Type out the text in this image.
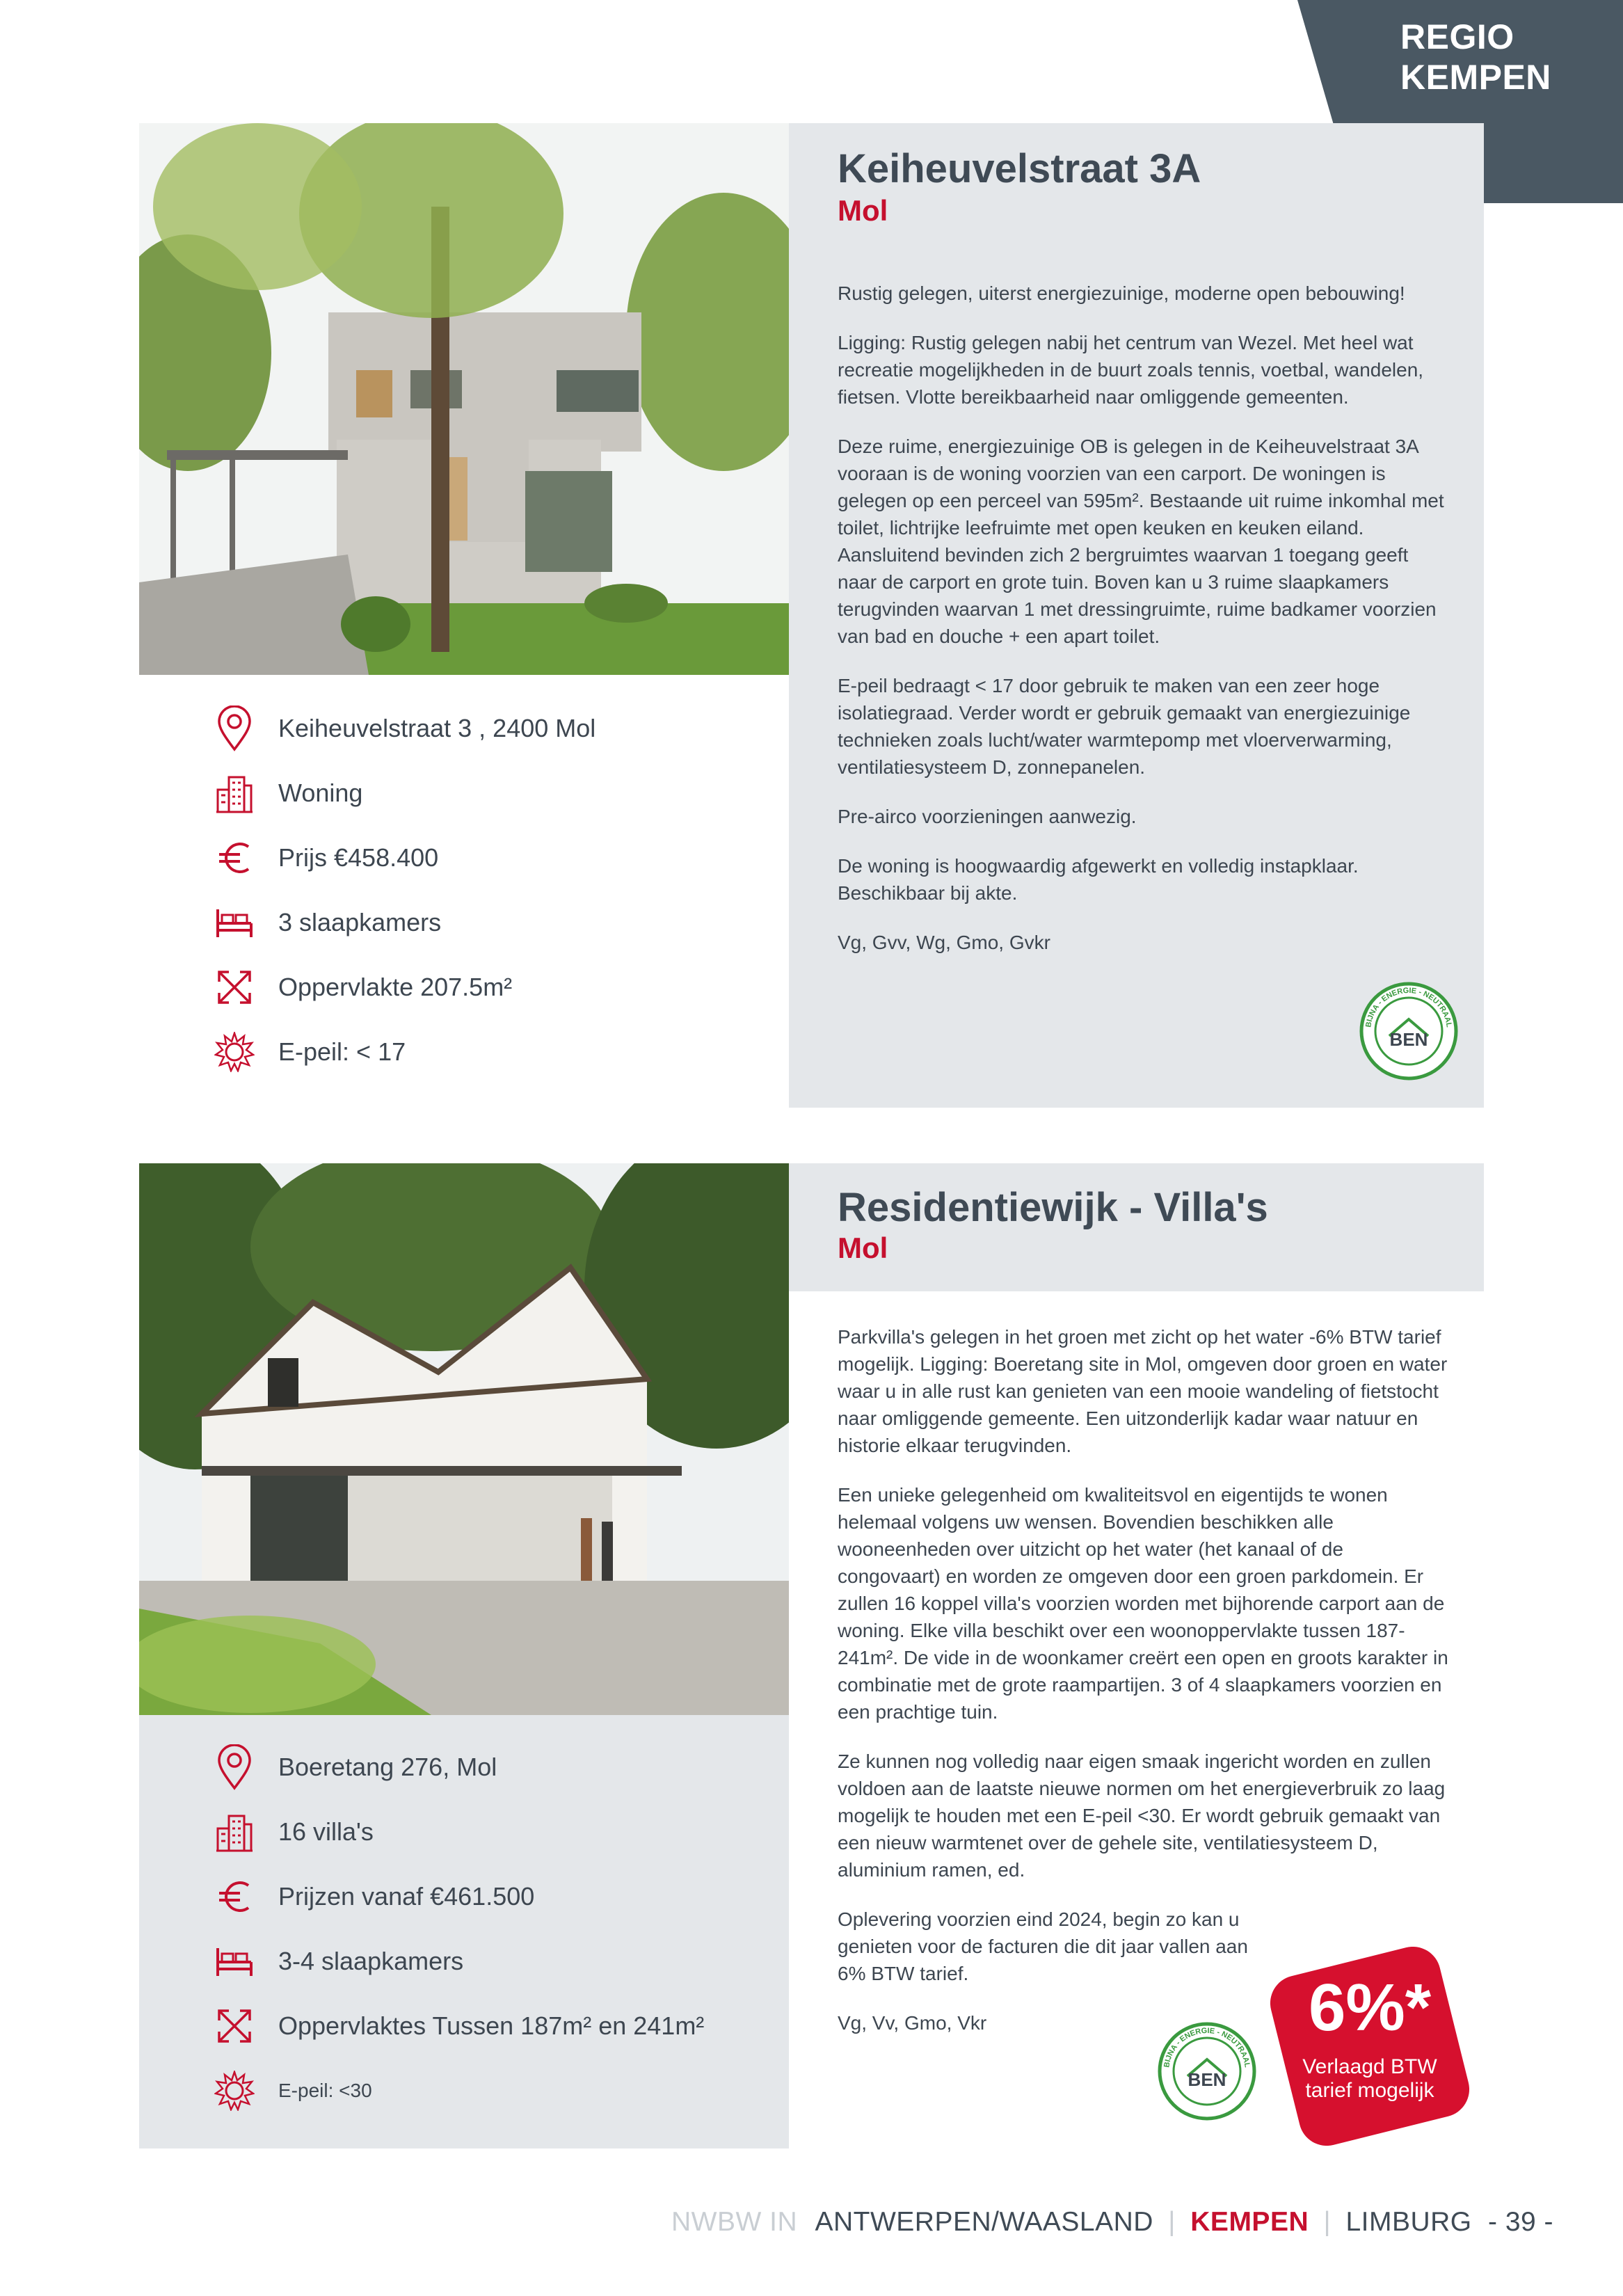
REGIO
KEMPEN
Keiheuvelstraat 3A
Mol

Rustig gelegen, uiterst energiezuinige, moderne open bebouwing!

Ligging: Rustig gelegen nabij het centrum van Wezel. Met heel wat recreatie mogelijkheden in de buurt zoals tennis, voetbal, wandelen, fietsen. Vlotte bereikbaarheid naar omliggende gemeenten.

Deze ruime, energiezuinige OB is gelegen in de Keiheuvelstraat 3A vooraan is de woning voorzien van een carport. De woningen is gelegen op een perceel van 595m². Bestaande uit ruime inkomhal met toilet, lichtrijke leefruimte met open keuken en keuken eiland. Aansluitend bevinden zich 2 bergruimtes waarvan 1 toegang geeft naar de carport en grote tuin. Boven kan u 3 ruime slaapkamers terugvinden waarvan 1 met dressingruimte, ruime badkamer voorzien van bad en douche + een apart toilet.

E-peil bedraagt < 17 door gebruik te maken van een zeer hoge isolatiegraad. Verder wordt er gebruik gemaakt van energiezuinige technieken zoals lucht/water warmtepomp met vloerverwarming, ventilatiesysteem D, zonnepanelen.

Pre-airco voorzieningen aanwezig.

De woning is hoogwaardig afgewerkt en volledig instapklaar. Beschikbaar bij akte.

Vg, Gvv, Wg, Gmo, Gvkr

BIJNA - ENERGIE - NEUTRAAL
BEN
Keiheuvelstraat 3 , 2400 Mol
Woning
Prijs €458.400
3 slaapkamers
Oppervlakte 207.5m²
E-peil: < 17
Residentiewijk - Villa's
Mol

Parkvilla's gelegen in het groen met zicht op het water -6% BTW tarief mogelijk. Ligging: Boeretang site in Mol, omgeven door groen en water waar u in alle rust kan genieten van een mooie wandeling of fietstocht naar omliggende gemeente. Een uitzonderlijk kadar waar natuur en historie elkaar terugvinden.

Een unieke gelegenheid om kwaliteitsvol en eigentijds te wonen helemaal volgens uw wensen. Bovendien beschikken alle wooneenheden over uitzicht op het water (het kanaal of de congovaart) en worden ze omgeven door een groen parkdomein. Er zullen 16 koppel villa's voorzien worden met bijhorende carport aan de woning. Elke villa beschikt over een woonoppervlakte tussen 187-241m². De vide in de woonkamer creërt een open en groots karakter in combinatie met de grote raampartijen. 3 of 4 slaapkamers voorzien en een prachtige tuin.

Ze kunnen nog volledig naar eigen smaak ingericht worden en zullen voldoen aan de laatste nieuwe normen om het energieverbruik zo laag mogelijk te houden met een E-peil <30. Er wordt gebruik gemaakt van een nieuw warmtenet over de gehele site, ventilatiesysteem D, aluminium ramen, ed.

Oplevering voorzien eind 2024, begin zo kan u genieten voor de facturen die dit jaar vallen aan 6% BTW tarief.

Vg, Vv, Gmo, Vkr

BIJNA - ENERGIE - NEUTRAAL
BEN
6%*
Verlaagd BTW
tarief mogelijk
Boeretang 276, Mol
16 villa's
Prijzen vanaf €461.500
3-4 slaapkamers
Oppervlaktes Tussen 187m² en 241m²
E-peil: <30
NWBW IN ANTWERPEN/WAASLAND | KEMPEN | LIMBURG - 39 -
